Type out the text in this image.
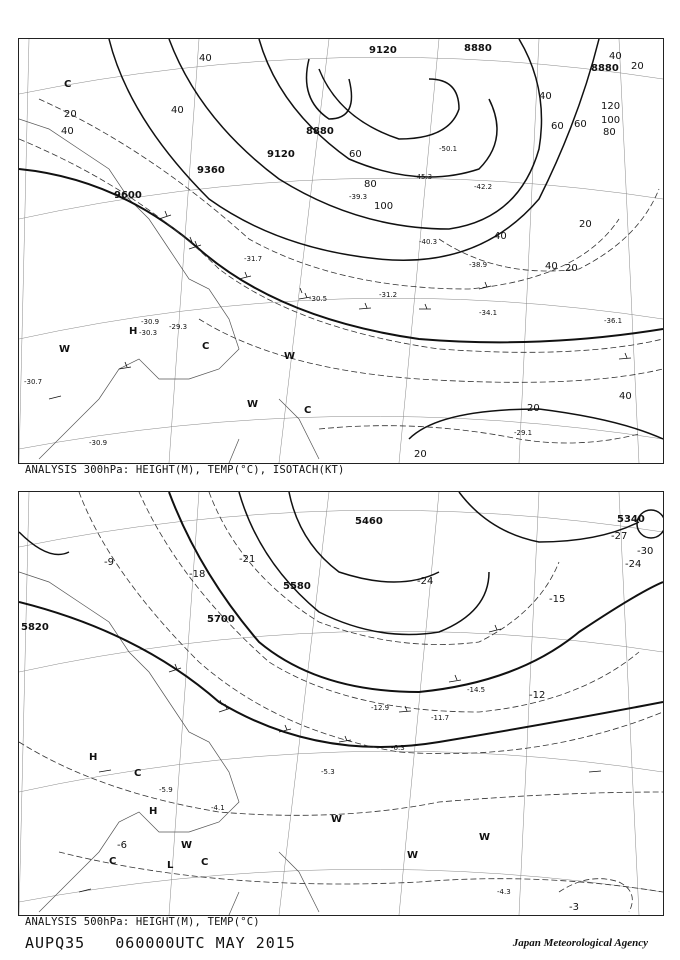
9120
9120
8880
8880
9360
9600
8880
-30.3
-30.9
-29.3
-30.5	-31.2
-34.1
-36.1
-29.1
-30.9
-31.7
-39.3
-45.3
-50.1
-40.3
-38.9
-42.2
-30.7
40
40
20
40
60
80
100
120
60
40
20
20
40 20
20
40
100
80
40
20
40
60
C
H
W
W
C
C
W
ANALYSIS 300hPa: HEIGHT(M), TEMP(°C), ISOTACH(KT)
5700
5820
5460	5340
5580
-9
-12
-15
-18
-21
-24
-27
-30
-3
-6
-24
-4.3
-5.3
-6.3
-4.1
-5.9
-12.9
-14.5
-11.7
H
H
W
C
L
C
W
W
W
C
ANALYSIS 500hPa: HEIGHT(M), TEMP(°C)
AUPQ35 060000UTC MAY 2015	Japan Meteorological Agency
